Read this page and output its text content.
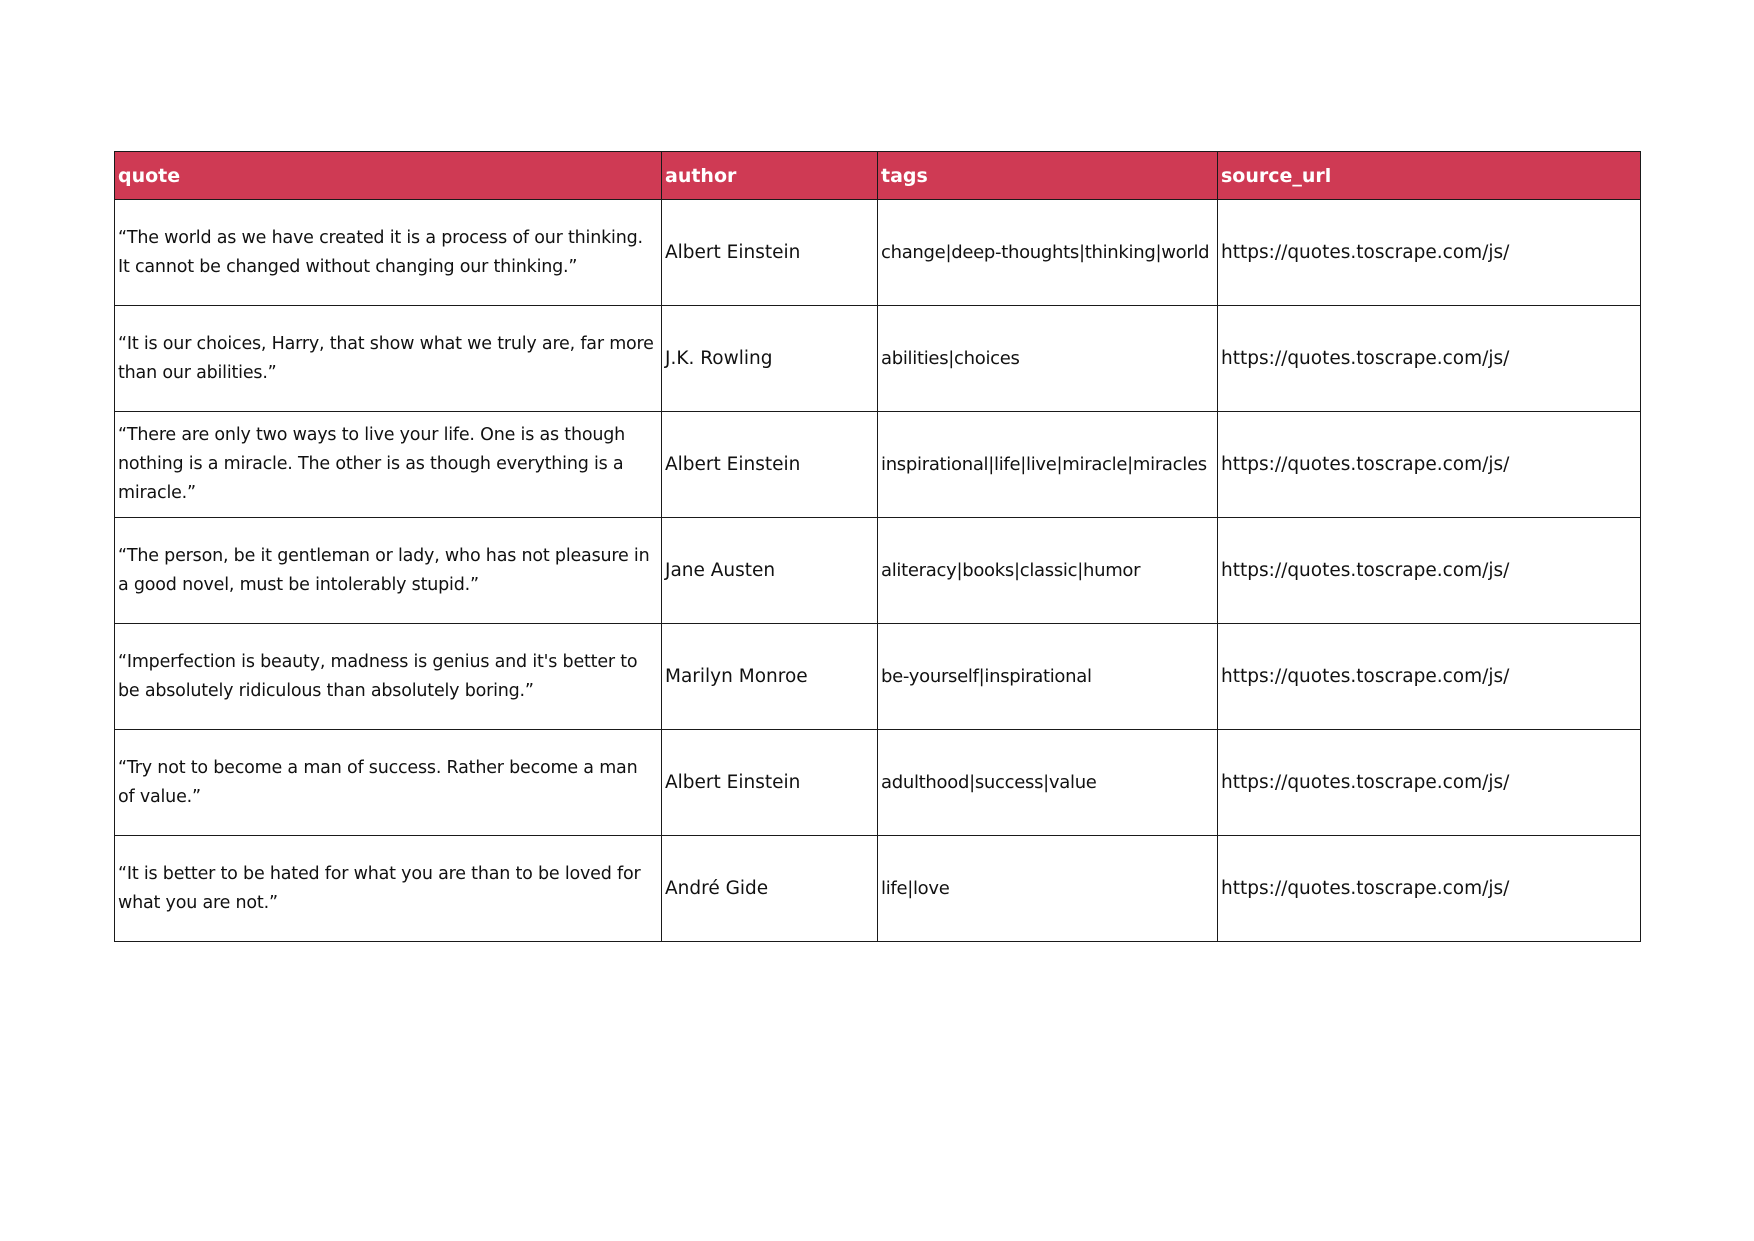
quote	author	tags	source_url
“The world as we have created it is a process of our thinking. It cannot be changed without changing our thinking.”	Albert Einstein	change|deep-thoughts|thinking|world	https://quotes.toscrape.com/js/
“It is our choices, Harry, that show what we truly are, far more than our abilities.”	J.K. Rowling	abilities|choices	https://quotes.toscrape.com/js/
“There are only two ways to live your life. One is as though nothing is a miracle. The other is as though everything is a miracle.”	Albert Einstein	inspirational|life|live|miracle|miracles	https://quotes.toscrape.com/js/
“The person, be it gentleman or lady, who has not pleasure in a good novel, must be intolerably stupid.”	Jane Austen	aliteracy|books|classic|humor	https://quotes.toscrape.com/js/
“Imperfection is beauty, madness is genius and it's better to be absolutely ridiculous than absolutely boring.”	Marilyn Monroe	be-yourself|inspirational	https://quotes.toscrape.com/js/
“Try not to become a man of success. Rather become a man of value.”	Albert Einstein	adulthood|success|value	https://quotes.toscrape.com/js/
“It is better to be hated for what you are than to be loved for what you are not.”	André Gide	life|love	https://quotes.toscrape.com/js/
